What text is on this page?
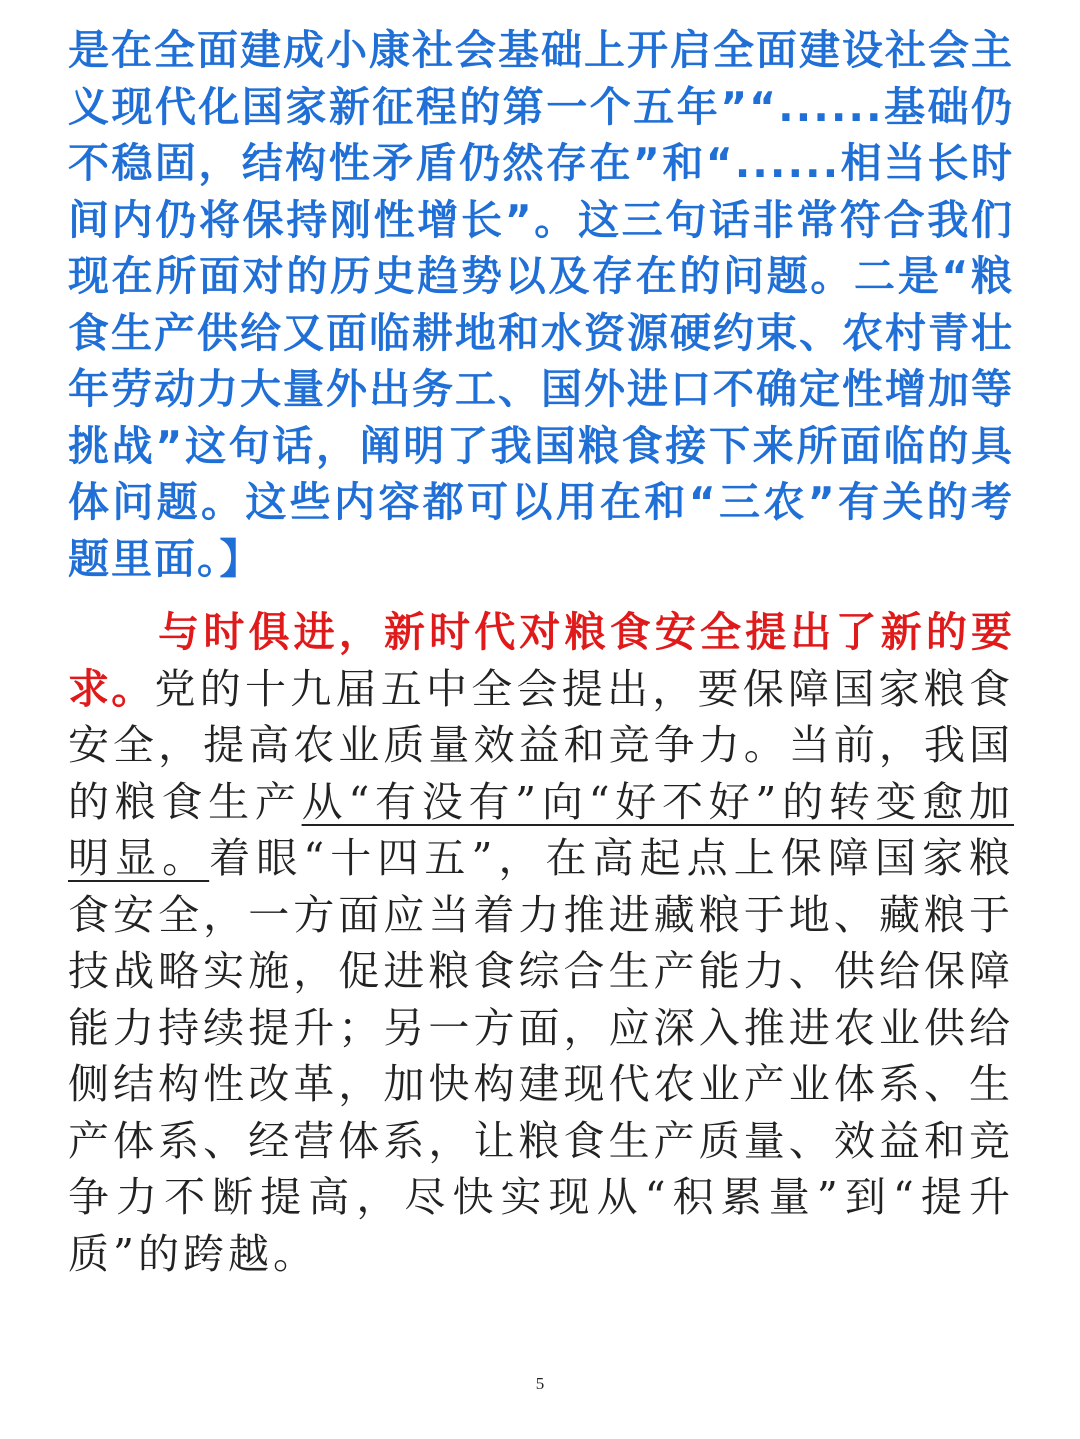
是在全面建成小康社会基础上开启全面建设社会主义现代化国家新征程的第一个五年”“......基础仍不稳固，结构性矛盾仍然存在”和“......相当长时间内仍将保持刚性增长”。这三句话非常符合我们现在所面对的历史趋势以及存在的问题。二是“粮食生产供给又面临耕地和水资源硬约束、农村青壮年劳动力大量外出务工、国外进口不确定性增加等挑战”这句话，阐明了我国粮食接下来所面临的具体问题。这些内容都可以用在和“三农”有关的考题里面。】
与时俱进，新时代对粮食安全提出了新的要求。党的十九届五中全会提出，要保障国家粮食安全，提高农业质量效益和竞争力。当前，我国的粮食生产从“有没有”向“好不好”的转变愈加明显。着眼“十四五”，在高起点上保障国家粮食安全，一方面应当着力推进藏粮于地、藏粮于技战略实施，促进粮食综合生产能力、供给保障能力持续提升；另一方面，应深入推进农业供给侧结构性改革，加快构建现代农业产业体系、生产体系、经营体系，让粮食生产质量、效益和竞争力不断提高，尽快实现从“积累量”到“提升质”的跨越。
5
